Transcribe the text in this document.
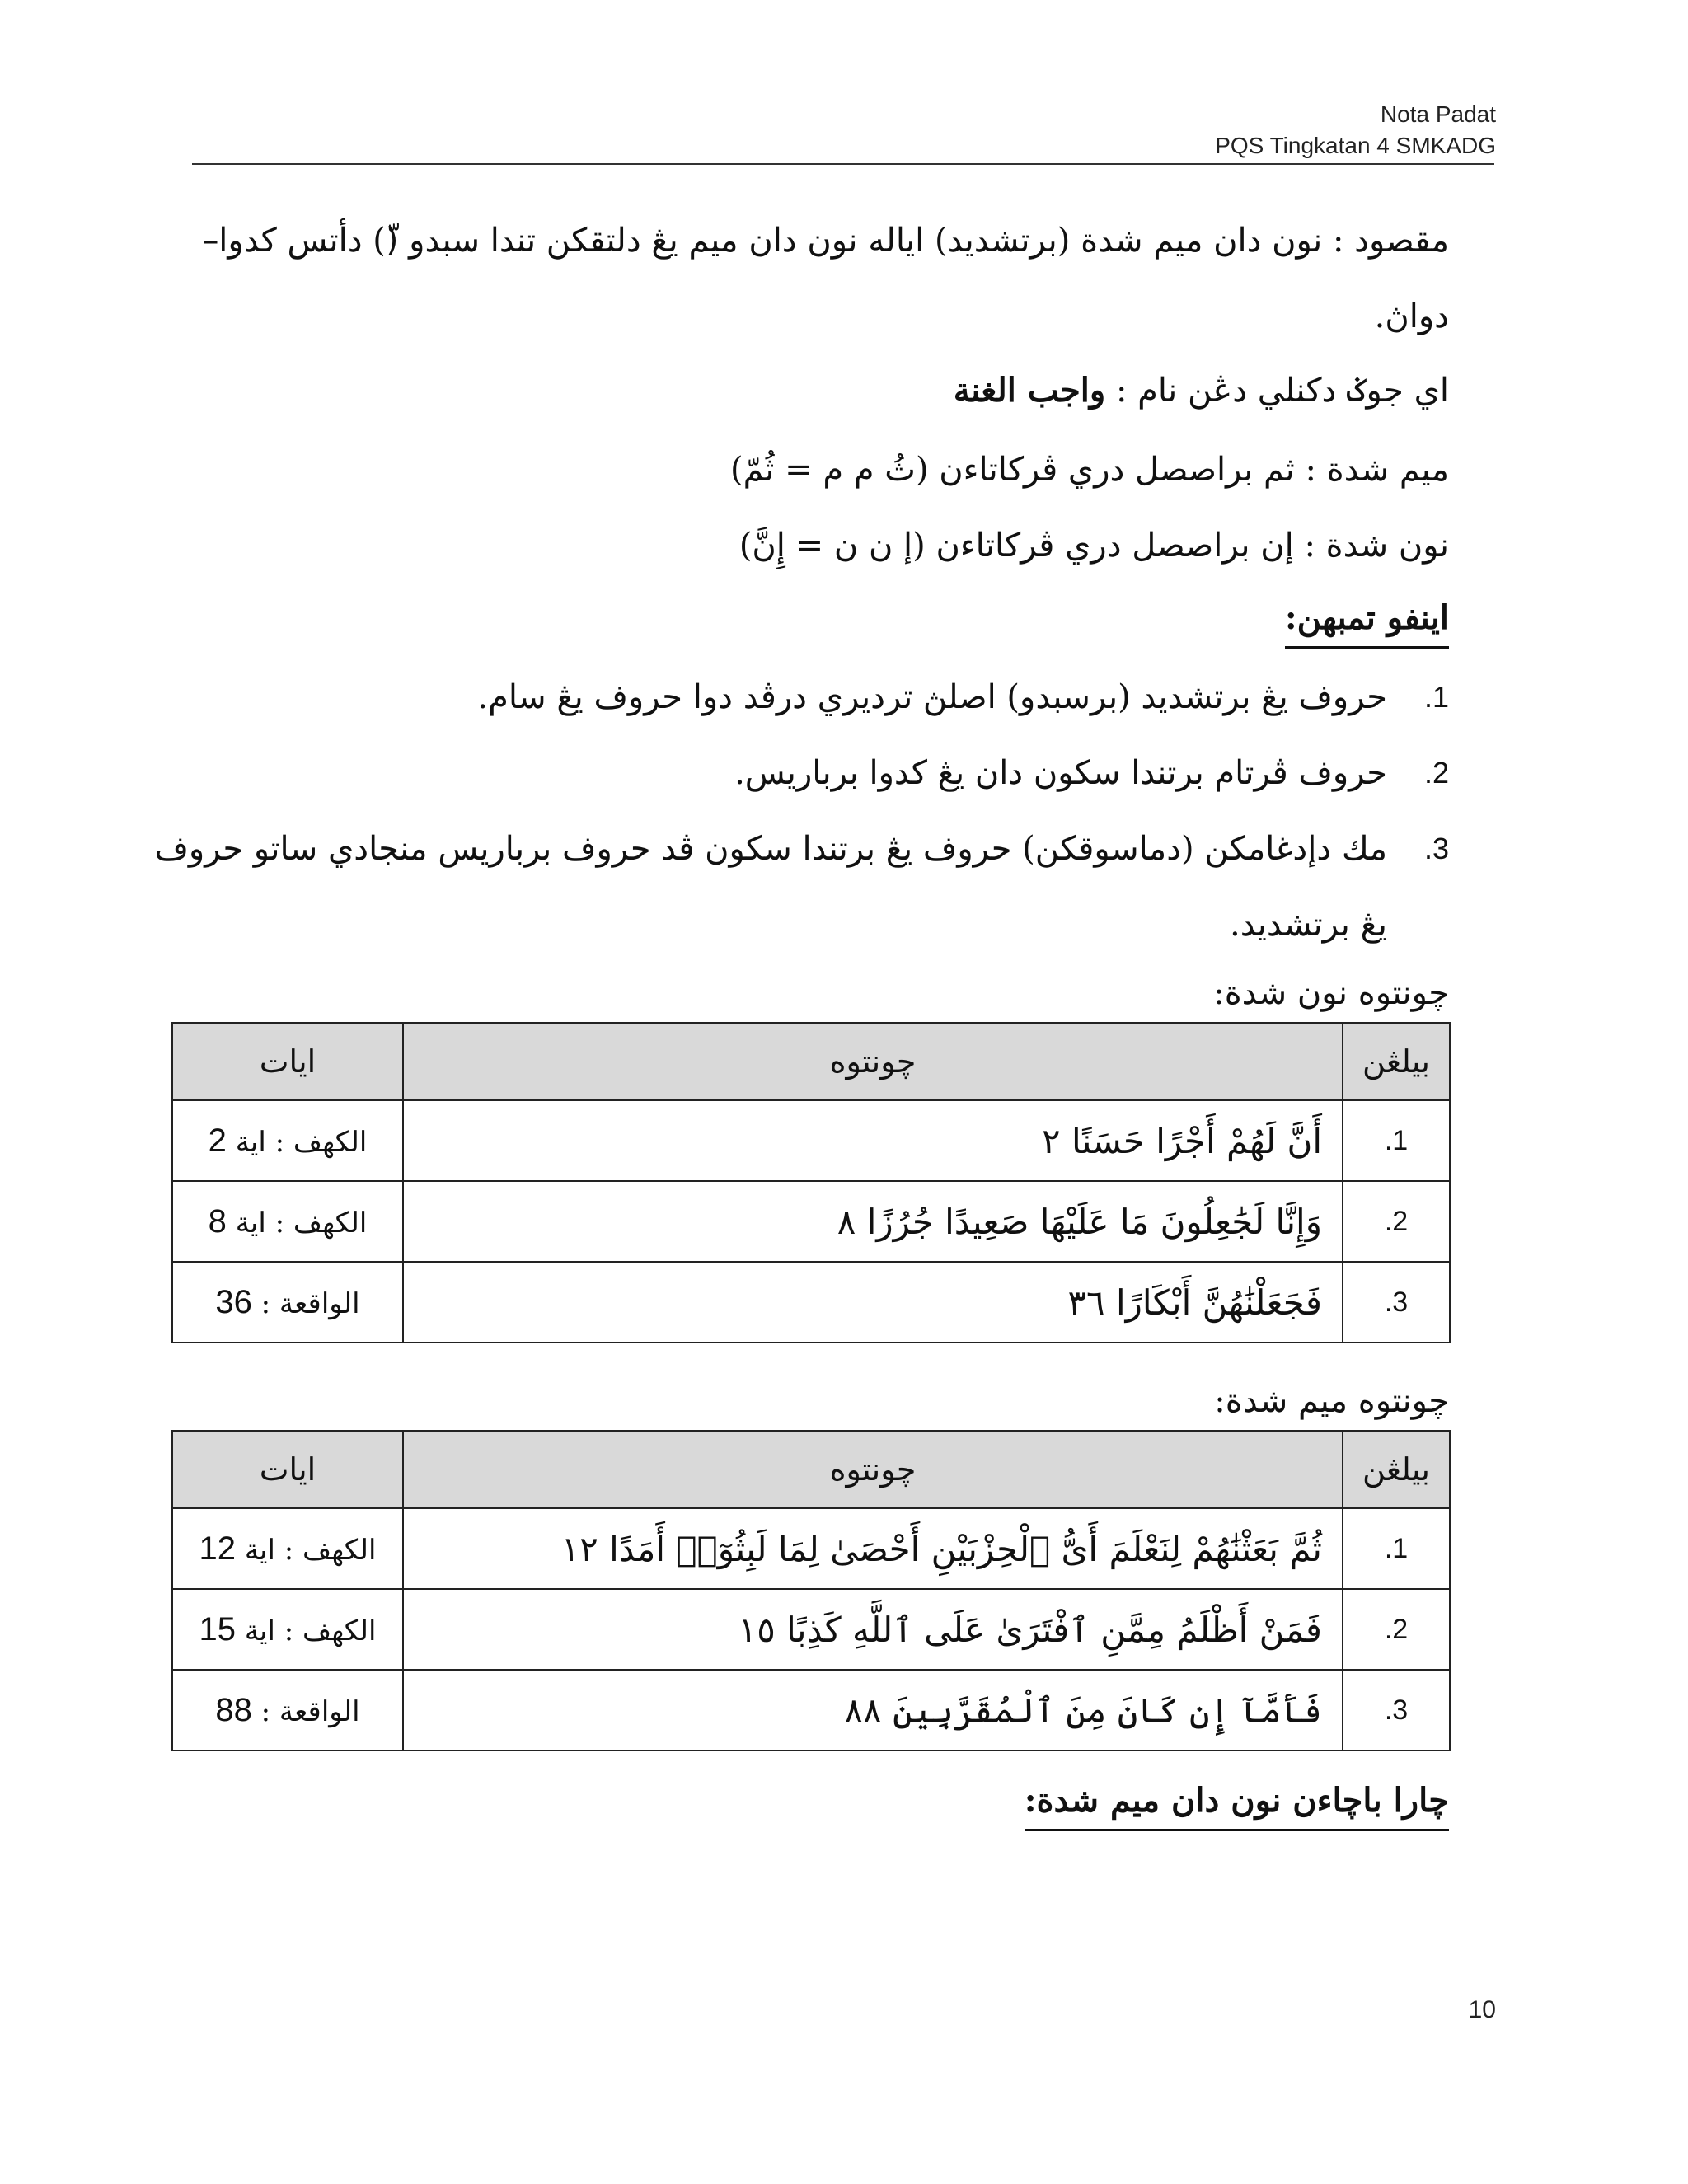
Nota Padat
PQS Tingkatan 4 SMKADG
مقصود : نون دان ميم شدة (برتشديد) اياله نون دان ميم يڠ دلتقكن تندا سبدو (ّ) دأتس كدوا– دواڽ.
اي جوݢ دكنلي دڠن نام : واجب الغنة
ميم شدة : ثم براصصل دري ڤركاتاءن (ثُ م م = ثُمّ)
نون شدة : إن براصصل دري ڤركاتاءن (إ ن ن = إِنَّ)
اينفو تمبهن:
1.
حروف يڠ برتشديد (برسبدو) اصلڽ ترديري درڤد دوا حروف يڠ سام.
2.
حروف ڤرتام برتندا سكون دان يڠ كدوا برباريس.
3.
مك دإدغامكن (دماسوقكن) حروف يڠ برتندا سكون ڤد حروف برباريس منجادي ساتو حروف يڠ برتشديد.
چونتوه نون شدة:
بيلڠن	چونتوه	ايات
1.	أَنَّ لَهُمْ أَجْرًا حَسَنًا ٢	الكهف : اية 2
2.	وَإِنَّا لَجَٰعِلُونَ مَا عَلَيْهَا صَعِيدًا جُرُزًا ٨	الكهف : اية 8
3.	فَجَعَلْنَٰهُنَّ أَبْكَارًا ٣٦	الواقعة : 36
چونتوه ميم شدة:
بيلڠن	چونتوه	ايات
1.	ثُمَّ بَعَثْنَٰهُمْ لِنَعْلَمَ أَىُّ ٱلْحِزْبَيْنِ أَحْصَىٰ لِمَا لَبِثُوٓا۟ أَمَدًا ١٢	الكهف : اية 12
2.	فَمَنْ أَظْلَمُ مِمَّنِ ٱفْتَرَىٰ عَلَى ٱللَّهِ كَذِبًا ١٥	الكهف : اية 15
3.	فَأَمَّآ إِن كَانَ مِنَ ٱلْمُقَرَّبِينَ ٨٨	الواقعة : 88
چارا باچاءن نون دان ميم شدة:
10
